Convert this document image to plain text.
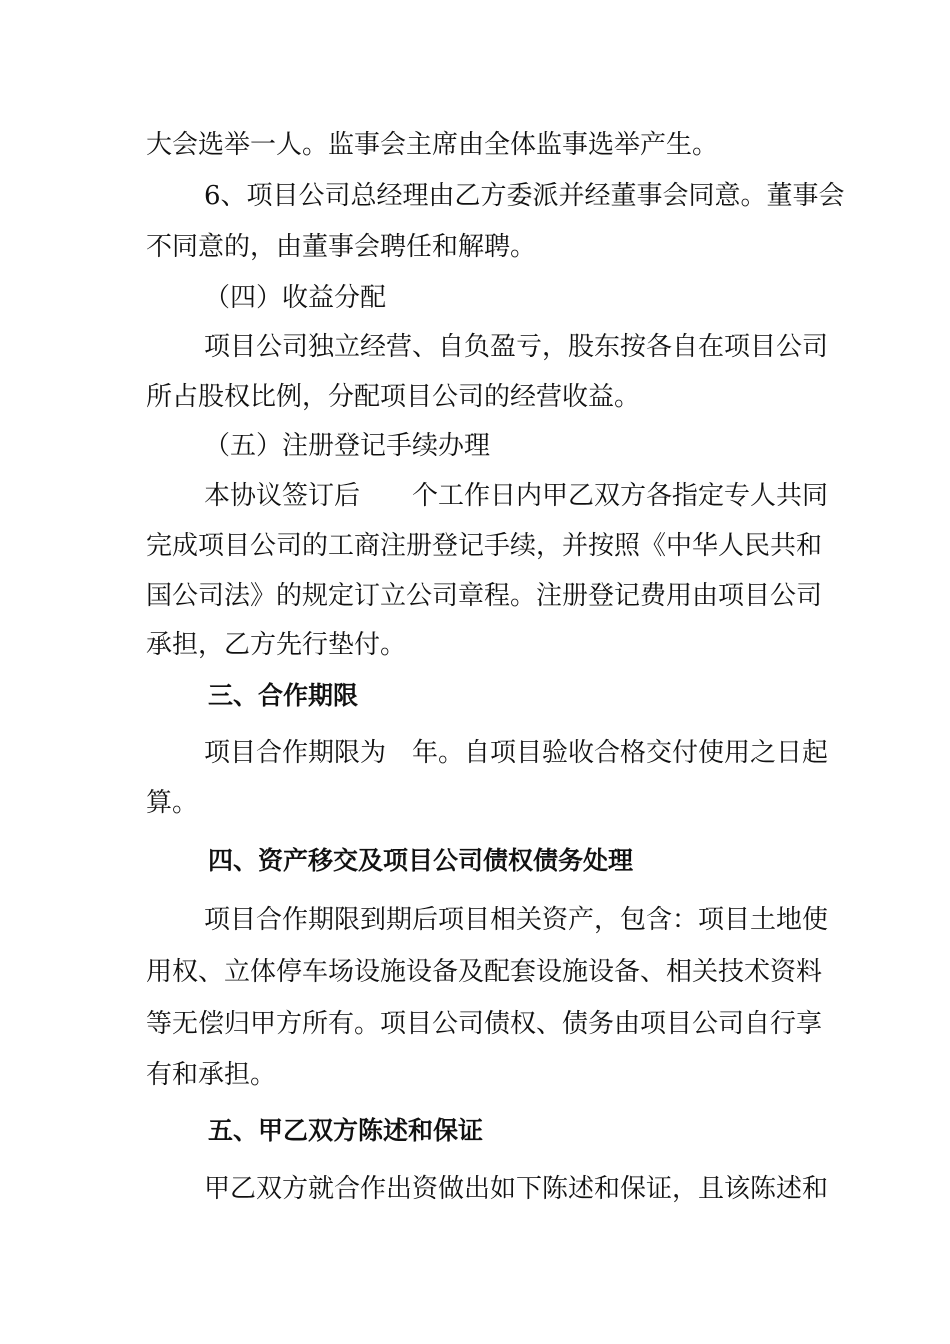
大会选举一人。监事会主席由全体监事选举产生。
6、项目公司总经理由乙方委派并经董事会同意。董事会
不同意的，由董事会聘任和解聘。
（四）收益分配
项目公司独立经营、自负盈亏，股东按各自在项目公司
所占股权比例，分配项目公司的经营收益。
（五）注册登记手续办理
本协议签订后　　个工作日内甲乙双方各指定专人共同
完成项目公司的工商注册登记手续，并按照《中华人民共和
国公司法》的规定订立公司章程。注册登记费用由项目公司
承担，乙方先行垫付。
三、合作期限
项目合作期限为　年。自项目验收合格交付使用之日起
算。
四、资产移交及项目公司债权债务处理
项目合作期限到期后项目相关资产，包含：项目土地使
用权、立体停车场设施设备及配套设施设备、相关技术资料
等无偿归甲方所有。项目公司债权、债务由项目公司自行享
有和承担。
五、甲乙双方陈述和保证
甲乙双方就合作出资做出如下陈述和保证，且该陈述和
